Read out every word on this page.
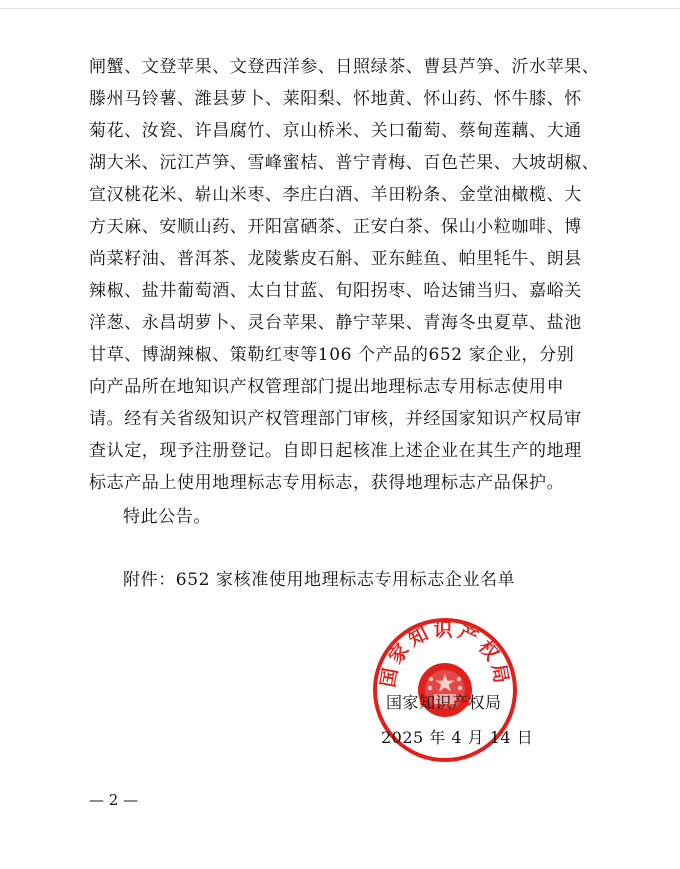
闸蟹、文登苹果、文登西洋参、日照绿茶、曹县芦笋、沂水苹果、
滕州马铃薯、潍县萝卜、莱阳梨、怀地黄、怀山药、怀牛膝、怀
菊花、汝瓷、许昌腐竹、京山桥米、关口葡萄、蔡甸莲藕、大通
湖大米、沅江芦笋、雪峰蜜桔、普宁青梅、百色芒果、大坡胡椒、
宣汉桃花米、崭山米枣、李庄白酒、羊田粉条、金堂油橄榄、大
方天麻、安顺山药、开阳富硒茶、正安白茶、保山小粒咖啡、博
尚菜籽油、普洱茶、龙陵紫皮石斛、亚东鲑鱼、帕里牦牛、朗县
辣椒、盐井葡萄酒、太白甘蓝、旬阳拐枣、哈达铺当归、嘉峪关
洋葱、永昌胡萝卜、灵台苹果、静宁苹果、青海冬虫夏草、盐池
甘草、博湖辣椒、策勒红枣等106 个产品的652 家企业，分别
向产品所在地知识产权管理部门提出地理标志专用标志使用申
请。经有关省级知识产权管理部门审核，并经国家知识产权局审
查认定，现予注册登记。自即日起核准上述企业在其生产的地理
标志产品上使用地理标志专用标志，获得地理标志产品保护。
特此公告。
附件：652 家核准使用地理标志专用标志企业名单
国家知识产权局
国家知识产权局
2025 年 4 月 14 日
— 2 —
